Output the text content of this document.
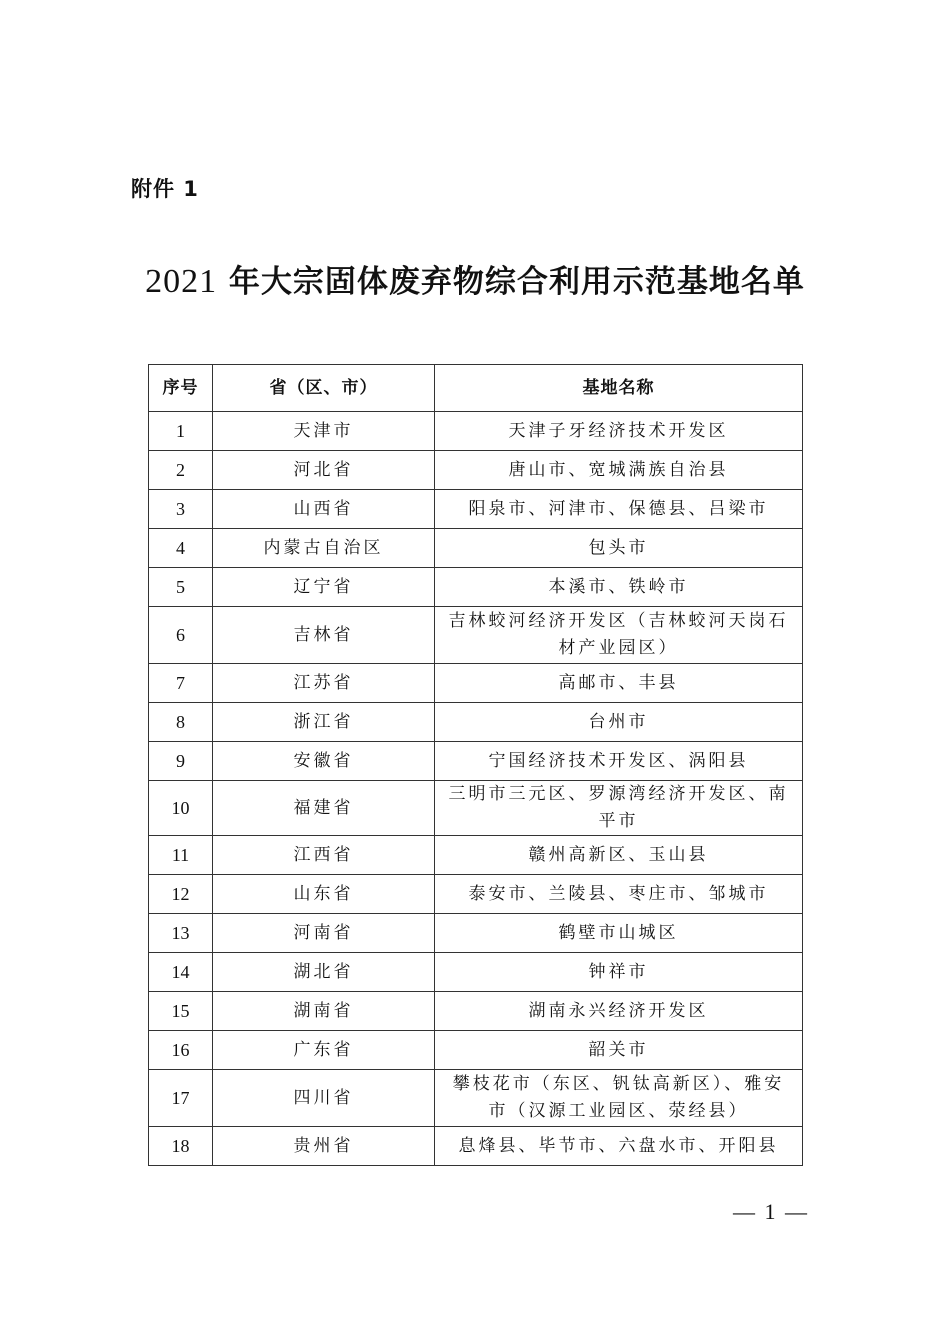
附件 1
2021 年大宗固体废弃物综合利用示范基地名单
序号	省（区、市）	基地名称
1	天津市	天津子牙经济技术开发区
2	河北省	唐山市、宽城满族自治县
3	山西省	阳泉市、河津市、保德县、吕梁市
4	内蒙古自治区	包头市
5	辽宁省	本溪市、铁岭市
6	吉林省	吉林蛟河经济开发区（吉林蛟河天岗石材产业园区）
7	江苏省	高邮市、丰县
8	浙江省	台州市
9	安徽省	宁国经济技术开发区、涡阳县
10	福建省	三明市三元区、罗源湾经济开发区、南平市
11	江西省	赣州高新区、玉山县
12	山东省	泰安市、兰陵县、枣庄市、邹城市
13	河南省	鹤壁市山城区
14	湖北省	钟祥市
15	湖南省	湖南永兴经济开发区
16	广东省	韶关市
17	四川省	攀枝花市（东区、钒钛高新区）、雅安市（汉源工业园区、荥经县）
18	贵州省	息烽县、毕节市、六盘水市、开阳县
— 1 —
